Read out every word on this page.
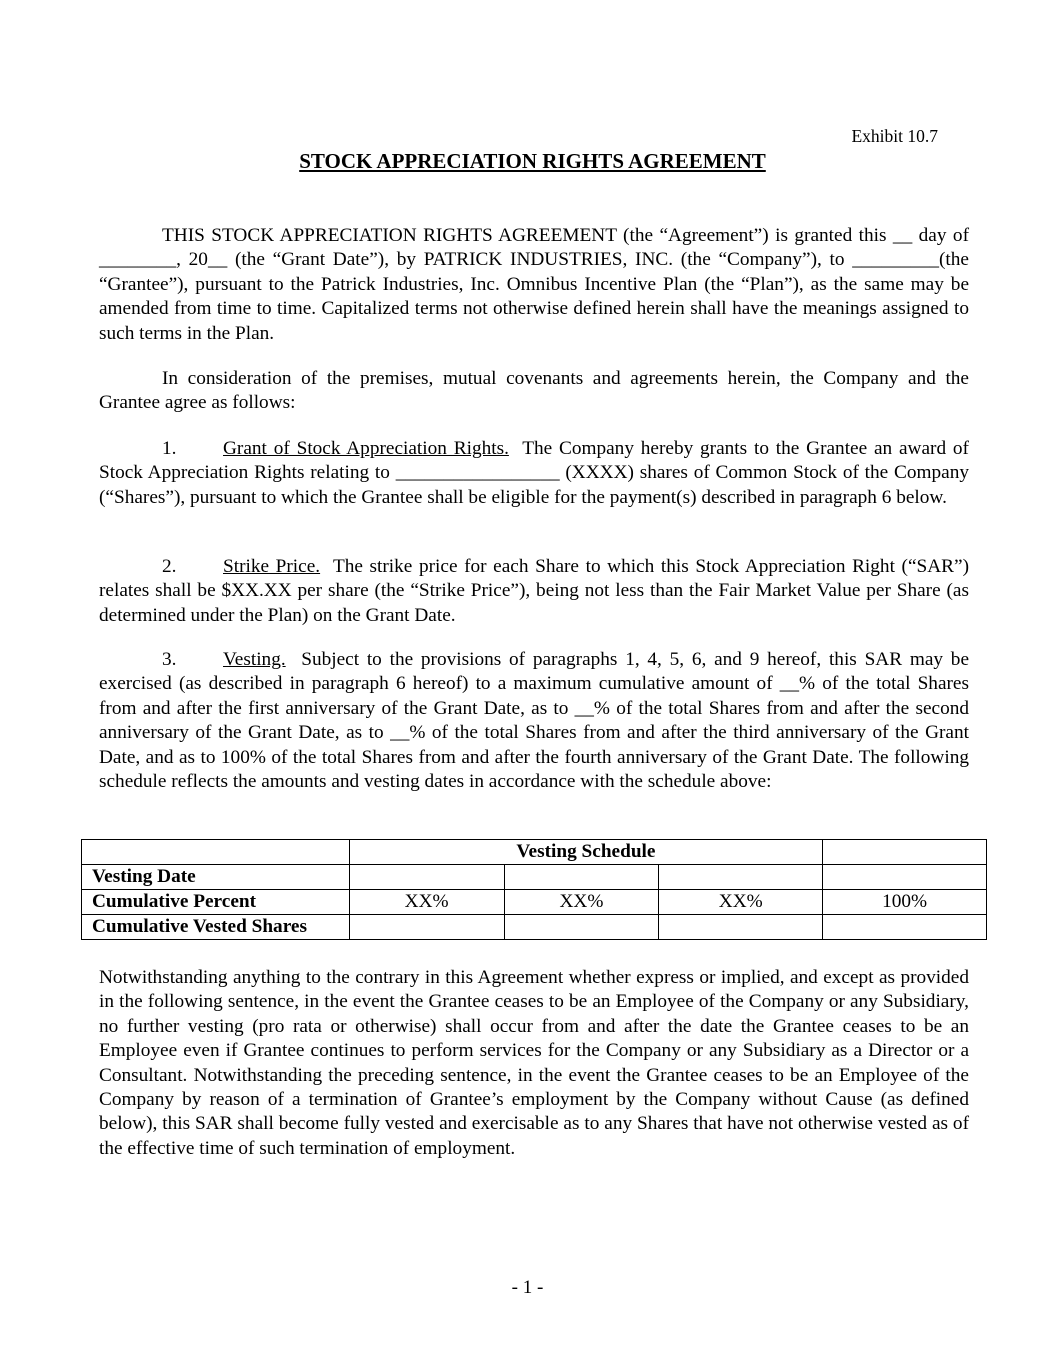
Exhibit 10.7
STOCK APPRECIATION RIGHTS AGREEMENT
THIS STOCK APPRECIATION RIGHTS AGREEMENT (the “Agreement”) is granted this __ day of ________, 20__ (the “Grant Date”), by PATRICK INDUSTRIES, INC. (the “Company”), to _________(the “Grantee”), pursuant to the Patrick Industries, Inc. Omnibus Incentive Plan (the “Plan”), as the same may be amended from time to time. Capitalized terms not otherwise defined herein shall have the meanings assigned to such terms in the Plan.
In consideration of the premises, mutual covenants and agreements herein, the Company and the Grantee agree as follows:
1. Grant of Stock Appreciation Rights. The Company hereby grants to the Grantee an award of Stock Appreciation Rights relating to _________________ (XXXX) shares of Common Stock of the Company (“Shares”), pursuant to which the Grantee shall be eligible for the payment(s) described in paragraph 6 below.
2. Strike Price. The strike price for each Share to which this Stock Appreciation Right (“SAR”) relates shall be $XX.XX per share (the “Strike Price”), being not less than the Fair Market Value per Share (as determined under the Plan) on the Grant Date.
3. Vesting. Subject to the provisions of paragraphs 1, 4, 5, 6, and 9 hereof, this SAR may be exercised (as described in paragraph 6 hereof) to a maximum cumulative amount of __% of the total Shares from and after the first anniversary of the Grant Date, as to __% of the total Shares from and after the second anniversary of the Grant Date, as to __% of the total Shares from and after the third anniversary of the Grant Date, and as to 100% of the total Shares from and after the fourth anniversary of the Grant Date. The following schedule reflects the amounts and vesting dates in accordance with the schedule above:
	Vesting Schedule			
Vesting Date				
Cumulative Percent	XX%	XX%	XX%	100%
Cumulative Vested Shares				
Notwithstanding anything to the contrary in this Agreement whether express or implied, and except as provided in the following sentence, in the event the Grantee ceases to be an Employee of the Company or any Subsidiary, no further vesting (pro rata or otherwise) shall occur from and after the date the Grantee ceases to be an Employee even if Grantee continues to perform services for the Company or any Subsidiary as a Director or a Consultant. Notwithstanding the preceding sentence, in the event the Grantee ceases to be an Employee of the Company by reason of a termination of Grantee’s employment by the Company without Cause (as defined below), this SAR shall become fully vested and exercisable as to any Shares that have not otherwise vested as of the effective time of such termination of employment.
- 1 -
